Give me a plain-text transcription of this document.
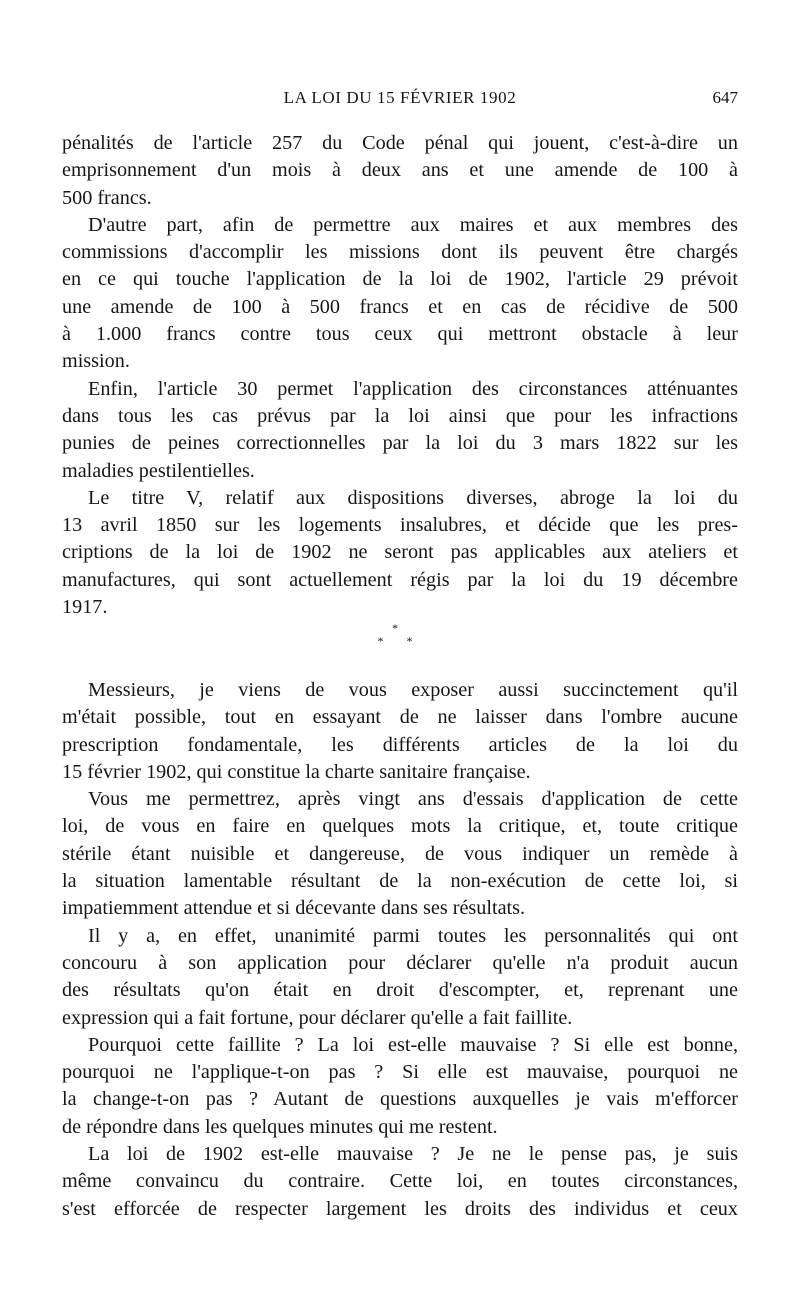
LA LOI DU 15 FÉVRIER 1902	647
pénalités de l'article 257 du Code pénal qui jouent, c'est-à-dire un
emprisonnement d'un mois à deux ans et une amende de 100 à
500 francs.
D'autre part, afin de permettre aux maires et aux membres des
commissions d'accomplir les missions dont ils peuvent être chargés
en ce qui touche l'application de la loi de 1902, l'article 29 prévoit
une amende de 100 à 500 francs et en cas de récidive de 500
à 1.000 francs contre tous ceux qui mettront obstacle à leur
mission.
Enfin, l'article 30 permet l'application des circonstances atténuantes
dans tous les cas prévus par la loi ainsi que pour les infractions
punies de peines correctionnelles par la loi du 3 mars 1822 sur les
maladies pestilentielles.
Le titre V, relatif aux dispositions diverses, abroge la loi du
13 avril 1850 sur les logements insalubres, et décide que les pres-
criptions de la loi de 1902 ne seront pas applicables aux ateliers et
manufactures, qui sont actuellement régis par la loi du 19 décembre
1917.
*
* *
Messieurs, je viens de vous exposer aussi succinctement qu'il
m'était possible, tout en essayant de ne laisser dans l'ombre aucune
prescription fondamentale, les différents articles de la loi du
15 février 1902, qui constitue la charte sanitaire française.
Vous me permettrez, après vingt ans d'essais d'application de cette
loi, de vous en faire en quelques mots la critique, et, toute critique
stérile étant nuisible et dangereuse, de vous indiquer un remède à
la situation lamentable résultant de la non-exécution de cette loi, si
impatiemment attendue et si décevante dans ses résultats.
Il y a, en effet, unanimité parmi toutes les personnalités qui ont
concouru à son application pour déclarer qu'elle n'a produit aucun
des résultats qu'on était en droit d'escompter, et, reprenant une
expression qui a fait fortune, pour déclarer qu'elle a fait faillite.
Pourquoi cette faillite ? La loi est-elle mauvaise ? Si elle est bonne,
pourquoi ne l'applique-t-on pas ? Si elle est mauvaise, pourquoi ne
la change-t-on pas ? Autant de questions auxquelles je vais m'efforcer
de répondre dans les quelques minutes qui me restent.
La loi de 1902 est-elle mauvaise ? Je ne le pense pas, je suis
même convaincu du contraire. Cette loi, en toutes circonstances,
s'est efforcée de respecter largement les droits des individus et ceux
